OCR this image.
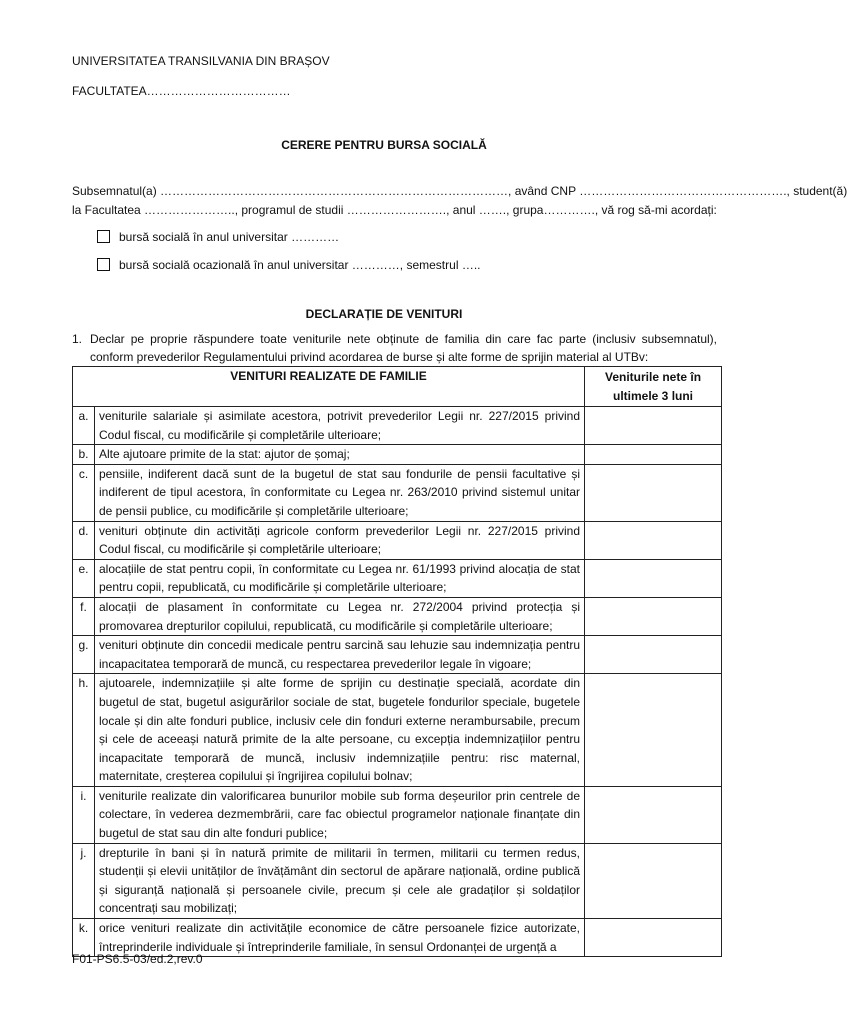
UNIVERSITATEA TRANSILVANIA DIN BRAȘOV
FACULTATEA………………………………
CERERE PENTRU BURSA SOCIALĂ
Subsemnatul(a) ……………………………………………………………………………, având CNP ……………………………………………., student(ă)
la Facultatea ………………….., programul de studii ……………………., anul ……., grupa…………., vă rog să-mi acordați:
bursă socială în anul universitar …………
bursă socială ocazională în anul universitar …………, semestrul …..
DECLARAȚIE DE VENITURI
1. Declar pe proprie răspundere toate veniturile nete obținute de familia din care fac parte (inclusiv subsemnatul), conform prevederilor Regulamentului privind acordarea de burse și alte forme de sprijin material al UTBv:
VENITURI REALIZATE DE FAMILIE		Veniturile nete în ultimele 3 luni
a.	veniturile salariale și asimilate acestora, potrivit prevederilor Legii nr. 227/2015 privind Codul fiscal, cu modificările și completările ulterioare;	
b.	Alte ajutoare primite de la stat: ajutor de șomaj;	
c.	pensiile, indiferent dacă sunt de la bugetul de stat sau fondurile de pensii facultative și indiferent de tipul acestora, în conformitate cu Legea nr. 263/2010 privind sistemul unitar de pensii publice, cu modificările și completările ulterioare;	
d.	venituri obținute din activități agricole conform prevederilor Legii nr. 227/2015 privind Codul fiscal, cu modificările și completările ulterioare;	
e.	alocațiile de stat pentru copii, în conformitate cu Legea nr. 61/1993 privind alocația de stat pentru copii, republicată, cu modificările și completările ulterioare;	
f.	alocații de plasament în conformitate cu Legea nr. 272/2004 privind protecția și promovarea drepturilor copilului, republicată, cu modificările și completările ulterioare;	
g.	venituri obținute din concedii medicale pentru sarcină sau lehuzie sau indemnizația pentru incapacitatea temporară de muncă, cu respectarea prevederilor legale în vigoare;	
h.	ajutoarele, indemnizațiile și alte forme de sprijin cu destinație specială, acordate din bugetul de stat, bugetul asigurărilor sociale de stat, bugetele fondurilor speciale, bugetele locale și din alte fonduri publice, inclusiv cele din fonduri externe nerambursabile, precum și cele de aceeași natură primite de la alte persoane, cu excepția indemnizațiilor pentru incapacitate temporară de muncă, inclusiv indemnizațiile pentru: risc maternal, maternitate, creșterea copilului și îngrijirea copilului bolnav;	
i.	veniturile realizate din valorificarea bunurilor mobile sub forma deșeurilor prin centrele de colectare, în vederea dezmembrării, care fac obiectul programelor naționale finanțate din bugetul de stat sau din alte fonduri publice;	
j.	drepturile în bani și în natură primite de militarii în termen, militarii cu termen redus, studenții și elevii unităților de învățământ din sectorul de apărare națională, ordine publică și siguranță națională și persoanele civile, precum și cele ale gradaților și soldaților concentrați sau mobilizați;	
k.	orice venituri realizate din activitățile economice de către persoanele fizice autorizate, întreprinderile individuale și întreprinderile familiale, în sensul Ordonanței de urgență a	
F01-PS6.5-03/ed.2,rev.0
